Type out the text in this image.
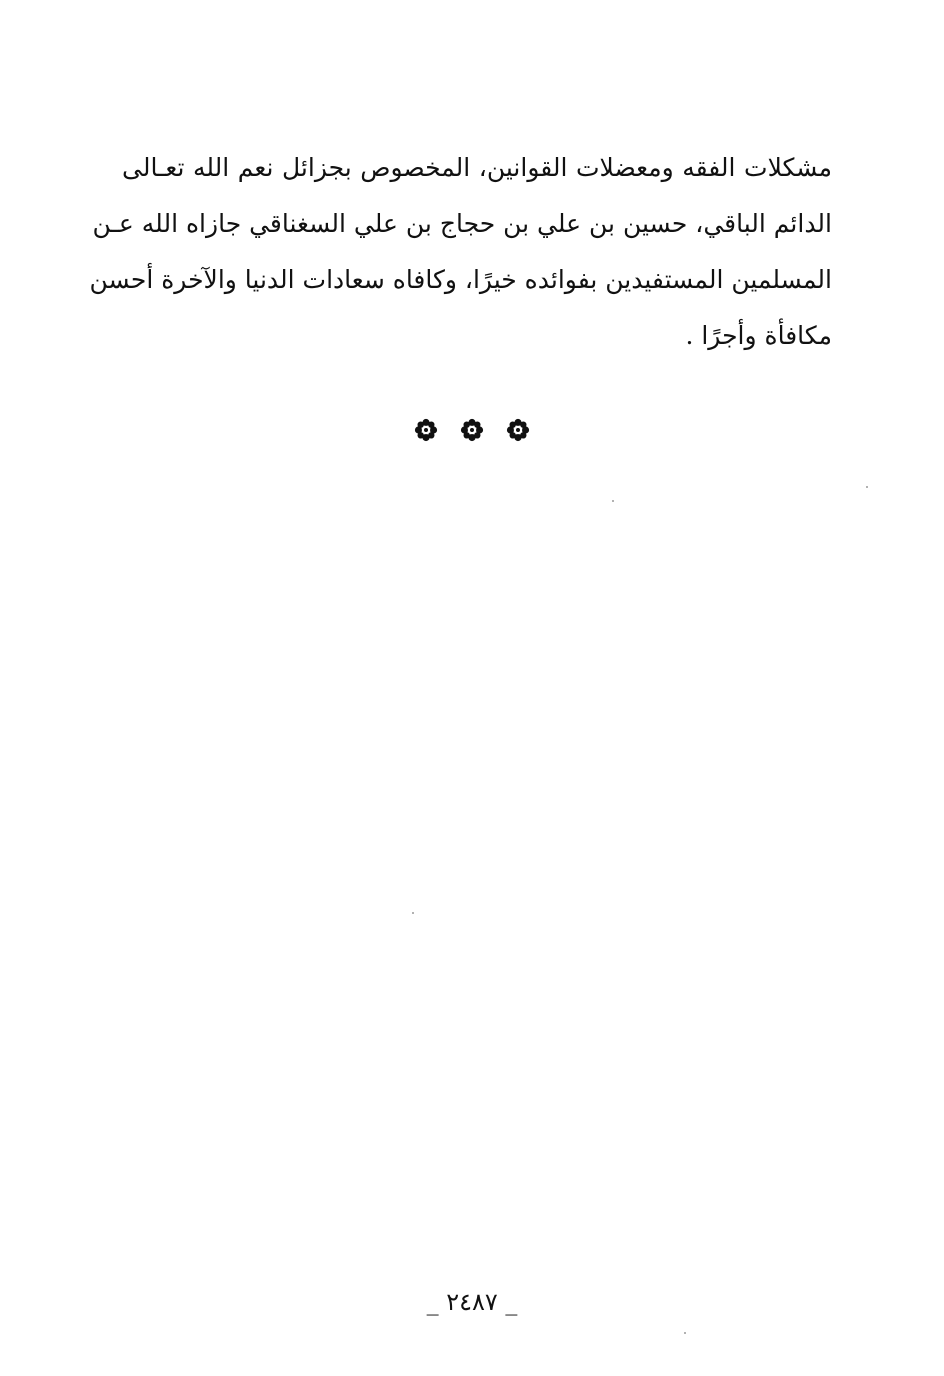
مشكلات الفقه ومعضلات القوانين، المخصوص بجزائل نعم الله تعـالى
الدائم الباقي، حسين بن علي بن حجاج بن علي السغناقي جازاه الله عـن
المسلمين المستفيدين بفوائده خيرًا، وكافاه سعادات الدنيا والآخرة أحسن
مكافأة وأجرًا .
_ ٢٤٨٧ _
